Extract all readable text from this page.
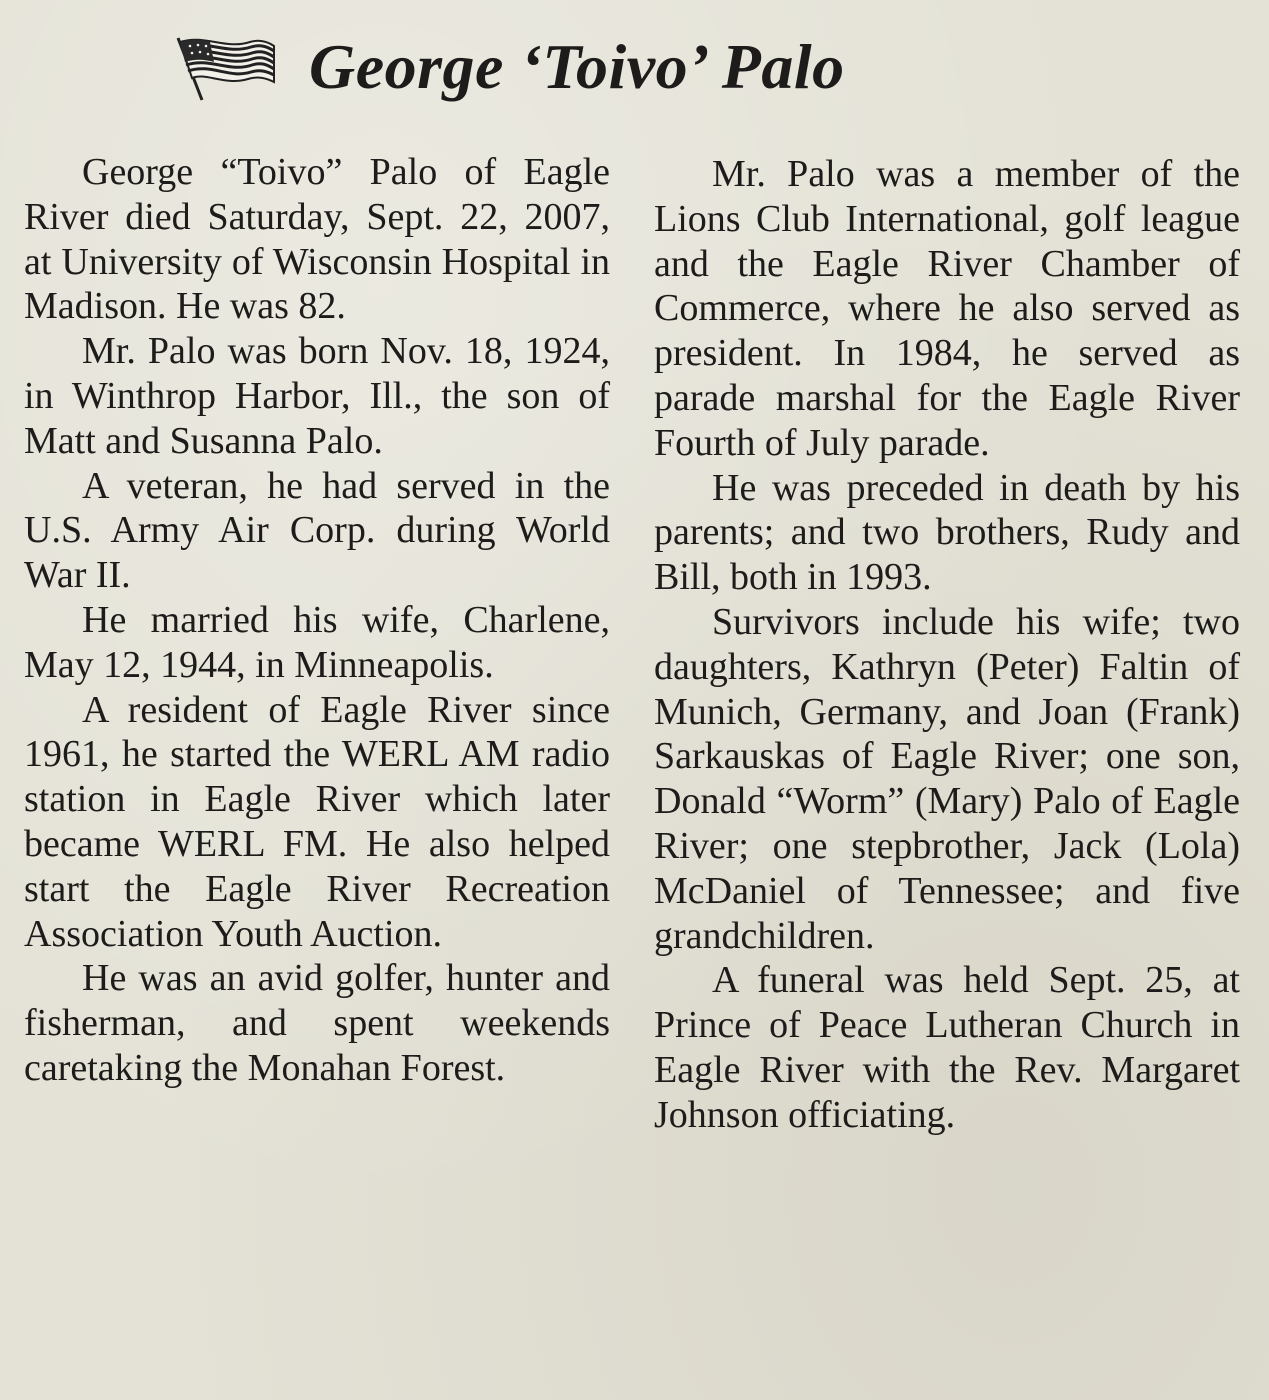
George ‘Toivo’ Palo

George “Toivo” Palo of Eagle River died Saturday, Sept. 22, 2007, at University of Wisconsin Hospital in Madison. He was 82.

Mr. Palo was born Nov. 18, 1924, in Winthrop Harbor, Ill., the son of Matt and Susanna Palo.

A veteran, he had served in the U.S. Army Air Corp. during World War II.

He married his wife, Charlene, May 12, 1944, in Minneapolis.

A resident of Eagle River since 1961, he started the WERL AM radio station in Eagle River which later became WERL FM. He also helped start the Eagle River Recreation Association Youth Auction.

He was an avid golfer, hunter and fisherman, and spent weekends caretaking the Monahan Forest.

Mr. Palo was a member of the Lions Club International, golf league and the Eagle River Chamber of Commerce, where he also served as president. In 1984, he served as parade marshal for the Eagle River Fourth of July parade.

He was preceded in death by his parents; and two brothers, Rudy and Bill, both in 1993.

Survivors include his wife; two daughters, Kathryn (Peter) Faltin of Munich, Germany, and Joan (Frank) Sarkauskas of Eagle River; one son, Donald “Worm” (Mary) Palo of Eagle River; one stepbrother, Jack (Lola) McDaniel of Tennessee; and five grandchildren.

A funeral was held Sept. 25, at Prince of Peace Lutheran Church in Eagle River with the Rev. Margaret Johnson officiating.
